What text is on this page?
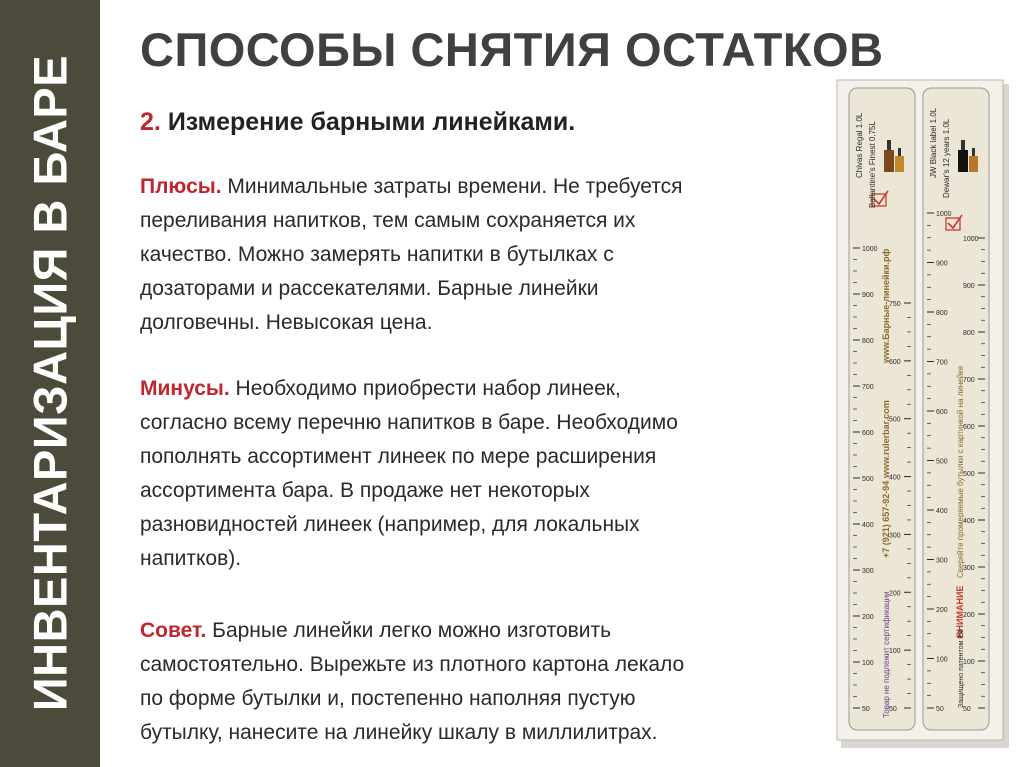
ИНВЕНТАРИЗАЦИЯ В БАРЕ
СПОСОБЫ СНЯТИЯ ОСТАТКОВ
2. Измерение барными линейками.
Плюсы. Минимальные затраты времени. Не требуется
переливания напитков, тем самым сохраняется их
качество. Можно замерять напитки в бутылках с
дозаторами и рассекателями. Барные линейки
долговечны. Невысокая цена.
Минусы. Необходимо приобрести набор линеек,
согласно всему перечню напитков в баре. Необходимо
пополнять ассортимент линеек по мере расширения
ассортимента бара. В продаже нет некоторых
разновидностей линеек (например, для локальных
напитков).
Совет. Барные линейки легко можно изготовить
самостоятельно. Вырежьте из плотного картона лекало
по форме бутылки и, постепенно наполняя пустую
бутылку, нанесите на линейку шкалу в миллилитрах.
Chivas Regal 1.0L Ballantine's Finest 0,75L	JW Black label 1.0L Dewar's 12 years 1.0L
www.Барные-линейки.рф
www.rulerbar.com
+7 (921) 657-92-94
Товар не подлежит сертификации
Сверяйте промеряемые бутылки с картинкой на линейке
ВНИМАНИЕ
Защищено патентом РФ
1000
900
800
700
600
500
400
300
200
100
50
750
600
500
400
300
200
100
50
1000
900
800
700
600
500
400
300
200
100
50
1000
900
800
700
600
500
400
300
200
100
50
